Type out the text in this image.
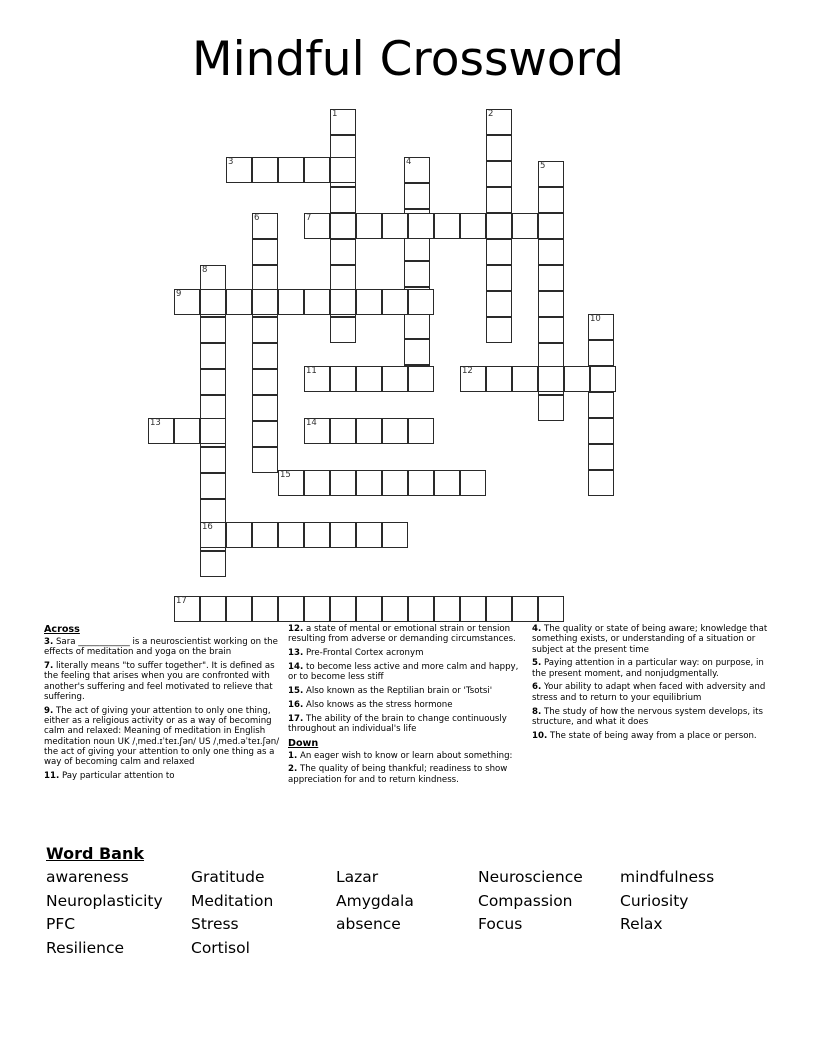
Mindful Crossword
1	2
3	4	5
6	7
8
9
10
11	12
13	14
15
16
17
Across
3. Sara ____________ is a neuroscientist working on the effects of meditation and yoga on the brain
7. literally means "to suffer together". It is defined as the feeling that arises when you are confronted with another's suffering and feel motivated to relieve that suffering.
9. The act of giving your attention to only one thing, either as a religious activity or as a way of becoming calm and relaxed: Meaning of meditation in English meditation noun UK /ˌmed.ɪˈteɪ.ʃən/ US /ˌmed.əˈteɪ.ʃən/ the act of giving your attention to only one thing as a way of becoming calm and relaxed
11. Pay particular attention to
12. a state of mental or emotional strain or tension resulting from adverse or demanding circumstances.
13. Pre-Frontal Cortex acronym
14. to become less active and more calm and happy, or to become less stiff
15. Also known as the Reptilian brain or 'Tsotsi'
16. Also knows as the stress hormone
17. The ability of the brain to change continuously throughout an individual's life
Down
1. An eager wish to know or learn about something:
2. The quality of being thankful; readiness to show appreciation for and to return kindness.
4. The quality or state of being aware; knowledge that something exists, or understanding of a situation or subject at the present time
5. Paying attention in a particular way: on purpose, in the present moment, and nonjudgmentally.
6. Your ability to adapt when faced with adversity and stress and to return to your equilibrium
8. The study of how the nervous system develops, its structure, and what it does
10. The state of being away from a place or person.
Word Bank
awareness	Gratitude	Lazar	Neuroscience	mindfulness
Neuroplasticity	Meditation	Amygdala	Compassion	Curiosity
PFC	Stress	absence	Focus	Relax
Resilience	Cortisol
